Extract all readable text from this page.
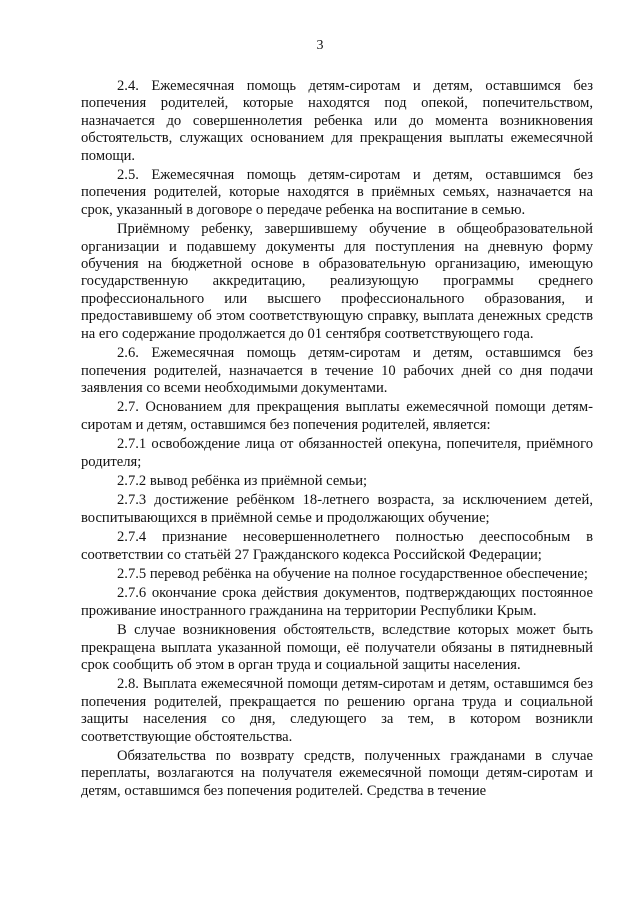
3

2.4. Ежемесячная помощь детям-сиротам и детям, оставшимся без попечения родителей, которые находятся под опекой, попечительством, назначается до совершеннолетия ребенка или до момента возникновения обстоятельств, служащих основанием для прекращения выплаты ежемесячной помощи.

2.5. Ежемесячная помощь детям-сиротам и детям, оставшимся без попечения родителей, которые находятся в приёмных семьях, назначается на срок, указанный в договоре о передаче ребенка на воспитание в семью.

Приёмному ребенку, завершившему обучение в общеобразовательной организации и подавшему документы для поступления на дневную форму обучения на бюджетной основе в образовательную организацию, имеющую государственную аккредитацию, реализующую программы среднего профессионального или высшего профессионального образования, и предоставившему об этом соответствующую справку, выплата денежных средств на его содержание продолжается до 01 сентября соответствующего года.

2.6. Ежемесячная помощь детям-сиротам и детям, оставшимся без попечения родителей, назначается в течение 10 рабочих дней со дня подачи заявления со всеми необходимыми документами.

2.7. Основанием для прекращения выплаты ежемесячной помощи детям-сиротам и детям, оставшимся без попечения родителей, является:

2.7.1 освобождение лица от обязанностей опекуна, попечителя, приёмного родителя;

2.7.2 вывод ребёнка из приёмной семьи;

2.7.3 достижение ребёнком 18-летнего возраста, за исключением детей, воспитывающихся в приёмной семье и продолжающих обучение;

2.7.4 признание несовершеннолетнего полностью дееспособным в соответствии со статьёй 27 Гражданского кодекса Российской Федерации;

2.7.5 перевод ребёнка на обучение на полное государственное обеспечение;

2.7.6 окончание срока действия документов, подтверждающих постоянное проживание иностранного гражданина на территории Республики Крым.

В случае возникновения обстоятельств, вследствие которых может быть прекращена выплата указанной помощи, её получатели обязаны в пятидневный срок сообщить об этом в орган труда и социальной защиты населения.

2.8. Выплата ежемесячной помощи детям-сиротам и детям, оставшимся без попечения родителей, прекращается по решению органа труда и социальной защиты населения со дня, следующего за тем, в котором возникли соответствующие обстоятельства.

Обязательства по возврату средств, полученных гражданами в случае переплаты, возлагаются на получателя ежемесячной помощи детям-сиротам и детям, оставшимся без попечения родителей. Средства в течение
